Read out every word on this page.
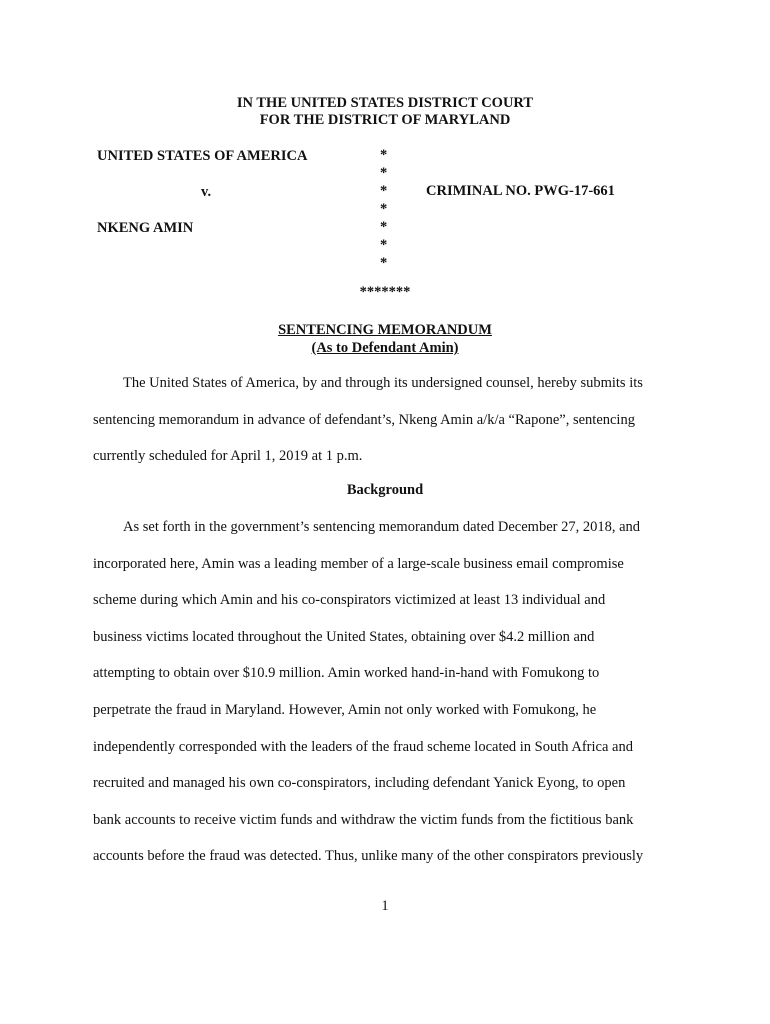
IN THE UNITED STATES DISTRICT COURT
FOR THE DISTRICT OF MARYLAND
UNITED STATES OF AMERICA
v.
NKENG AMIN
*
*
*
*
*
*
*
CRIMINAL NO. PWG-17-661
*******
SENTENCING MEMORANDUM
(As to Defendant Amin)
The United States of America, by and through its undersigned counsel, hereby submits its
sentencing memorandum in advance of defendant’s, Nkeng Amin a/k/a “Rapone”, sentencing
currently scheduled for April 1, 2019 at 1 p.m.
Background
As set forth in the government’s sentencing memorandum dated December 27, 2018, and
incorporated here, Amin was a leading member of a large-scale business email compromise
scheme during which Amin and his co-conspirators victimized at least 13 individual and
business victims located throughout the United States, obtaining over $4.2 million and
attempting to obtain over $10.9 million. Amin worked hand-in-hand with Fomukong to
perpetrate the fraud in Maryland. However, Amin not only worked with Fomukong, he
independently corresponded with the leaders of the fraud scheme located in South Africa and
recruited and managed his own co-conspirators, including defendant Yanick Eyong, to open
bank accounts to receive victim funds and withdraw the victim funds from the fictitious bank
accounts before the fraud was detected. Thus, unlike many of the other conspirators previously
1
